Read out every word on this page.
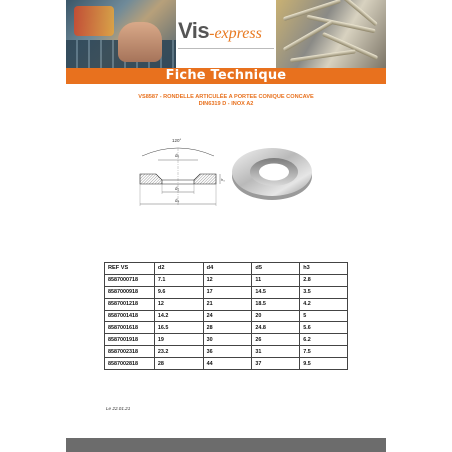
Vis-express
Fiche Technique
VS8587 - RONDELLE ARTICULÉE A PORTEE CONIQUE CONCAVE
DIN6319 D - INOX A2
120°
d₅
d₂
d₄
h₃
REF VS	d2	d4	d5	h3
8587000718	7.1	12	11	2.8
8587000918	9.6	17	14.5	3.5
8587001218	12	21	18.5	4.2
8587001418	14.2	24	20	5
8587001618	16.5	28	24.8	5.6
8587001918	19	30	26	6.2
8587002318	23.2	36	31	7.5
8587002818	28	44	37	9.5
Le 22.01.21
